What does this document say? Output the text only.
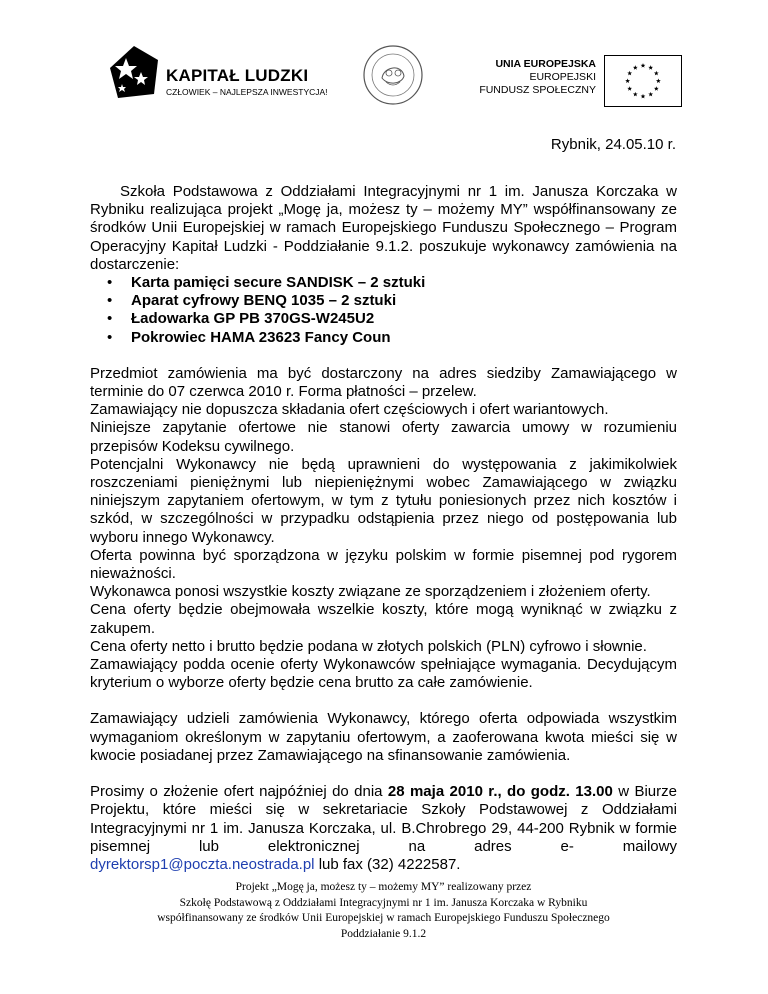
KAPITAŁ LUDZKI
CZŁOWIEK – NAJLEPSZA INWESTYCJA!
UNIA EUROPEJSKA
EUROPEJSKI
FUNDUSZ SPOŁECZNY
Rybnik, 24.05.10 r.

Szkoła Podstawowa z Oddziałami Integracyjnymi nr 1 im. Janusza Korczaka w Rybniku realizująca projekt „Mogę ja, możesz ty – możemy MY” współfinansowany ze środków Unii Europejskiej w ramach Europejskiego Funduszu Społecznego – Program Operacyjny Kapitał Ludzki - Poddziałanie 9.1.2. poszukuje wykonawcy zamówienia na dostarczenie:

• Karta pamięci secure SANDISK – 2 sztuki
• Aparat cyfrowy BENQ 1035 – 2 sztuki
• Ładowarka GP PB 370GS-W245U2
• Pokrowiec HAMA 23623 Fancy Coun

Przedmiot zamówienia ma być dostarczony na adres siedziby Zamawiającego w terminie do 07 czerwca 2010 r. Forma płatności – przelew.

Zamawiający nie dopuszcza składania ofert częściowych i ofert wariantowych.

Niniejsze zapytanie ofertowe nie stanowi oferty zawarcia umowy w rozumieniu przepisów Kodeksu cywilnego.

Potencjalni Wykonawcy nie będą uprawnieni do występowania z jakimikolwiek roszczeniami pieniężnymi lub niepieniężnymi wobec Zamawiającego w związku niniejszym zapytaniem ofertowym, w tym z tytułu poniesionych przez nich kosztów i szkód, w szczególności w przypadku odstąpienia przez niego od postępowania lub wyboru innego Wykonawcy.

Oferta powinna być sporządzona w języku polskim w formie pisemnej pod rygorem nieważności.

Wykonawca ponosi wszystkie koszty związane ze sporządzeniem i złożeniem oferty.

Cena oferty będzie obejmowała wszelkie koszty, które mogą wyniknąć w związku z zakupem.

Cena oferty netto i brutto będzie podana w złotych polskich (PLN) cyfrowo i słownie.

Zamawiający podda ocenie oferty Wykonawców spełniające wymagania. Decydującym kryterium o wyborze oferty będzie cena brutto za całe zamówienie.

Zamawiający udzieli zamówienia Wykonawcy, którego oferta odpowiada wszystkim wymaganiom określonym w zapytaniu ofertowym, a zaoferowana kwota mieści się w kwocie posiadanej przez Zamawiającego na sfinansowanie zamówienia.

Prosimy o złożenie ofert najpóźniej do dnia 28 maja 2010 r., do godz. 13.00 w Biurze Projektu, które mieści się w sekretariacie Szkoły Podstawowej z Oddziałami Integracyjnymi nr 1 im. Janusza Korczaka, ul. B.Chrobrego 29, 44-200 Rybnik w formie pisemnej lub elektronicznej na adres e- mailowy

dyrektorsp1@poczta.neostrada.pl lub fax (32) 4222587.

Projekt „Mogę ja, możesz ty – możemy MY” realizowany przez
Szkołę Podstawową z Oddziałami Integracyjnymi nr 1 im. Janusza Korczaka w Rybniku
współfinansowany ze środków Unii Europejskiej w ramach Europejskiego Funduszu Społecznego
Poddziałanie 9.1.2
